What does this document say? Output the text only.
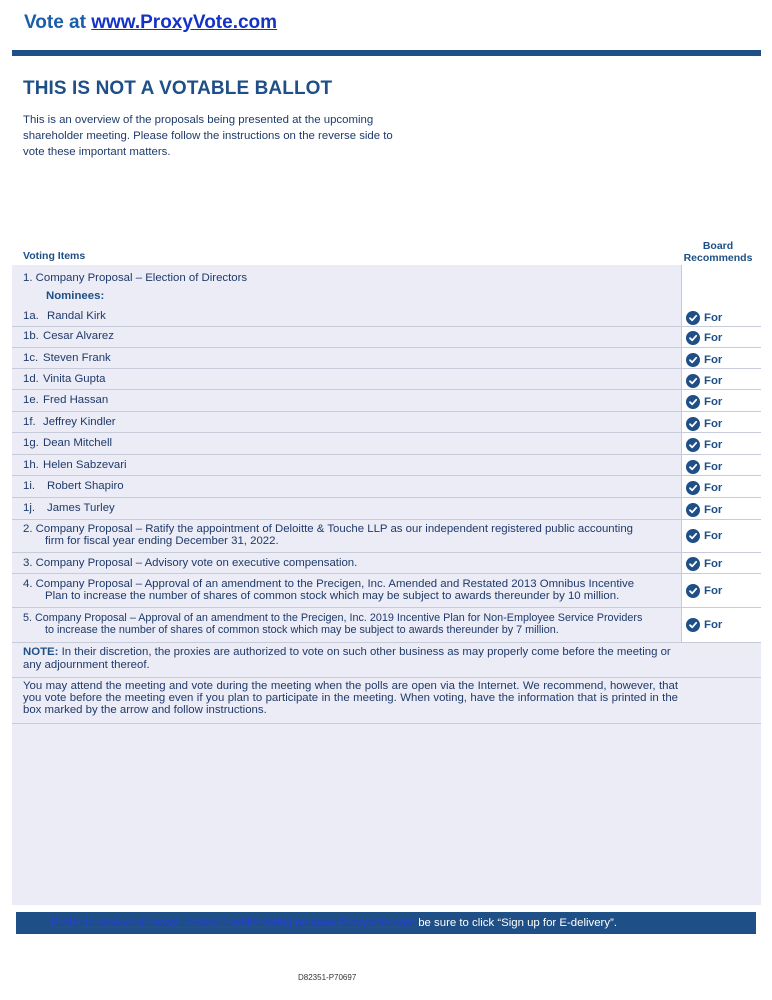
Vote at www.ProxyVote.com
THIS IS NOT A VOTABLE BALLOT
This is an overview of the proposals being presented at the upcoming shareholder meeting. Please follow the instructions on the reverse side to vote these important matters.
Voting Items
Board
Recommends
1. Company Proposal – Election of Directors
Nominees:
1a. Randal Kirk	For
1b. Cesar Alvarez	For
1c. Steven Frank	For
1d. Vinita Gupta	For
1e. Fred Hassan	For
1f. Jeffrey Kindler	For
1g. Dean Mitchell	For
1h. Helen Sabzevari	For
1i. Robert Shapiro	For
1j. James Turley	For
2. Company Proposal – Ratify the appointment of Deloitte & Touche LLP as our independent registered public accounting
firm for fiscal year ending December 31, 2022.	For
3. Company Proposal – Advisory vote on executive compensation.	For
4. Company Proposal – Approval of an amendment to the Precigen, Inc. Amended and Restated 2013 Omnibus Incentive
Plan to increase the number of shares of common stock which may be subject to awards thereunder by 10 million.	For
5. Company Proposal – Approval of an amendment to the Precigen, Inc. 2019 Incentive Plan for Non-Employee Service Providers
to increase the number of shares of common stock which may be subject to awards thereunder by 7 million.	For
NOTE: In their discretion, the proxies are authorized to vote on such other business as may properly come before the meeting or any adjournment thereof.
You may attend the meeting and vote during the meeting when the polls are open via the Internet. We recommend, however, that you vote before the meeting even if you plan to participate in the meeting. When voting, have the information that is printed in the box marked by the arrow and follow instructions.
Prefer to receive an email instead? While voting on www.ProxyVote.com be sure to click “Sign up for E-delivery”.
D82351-P70697
